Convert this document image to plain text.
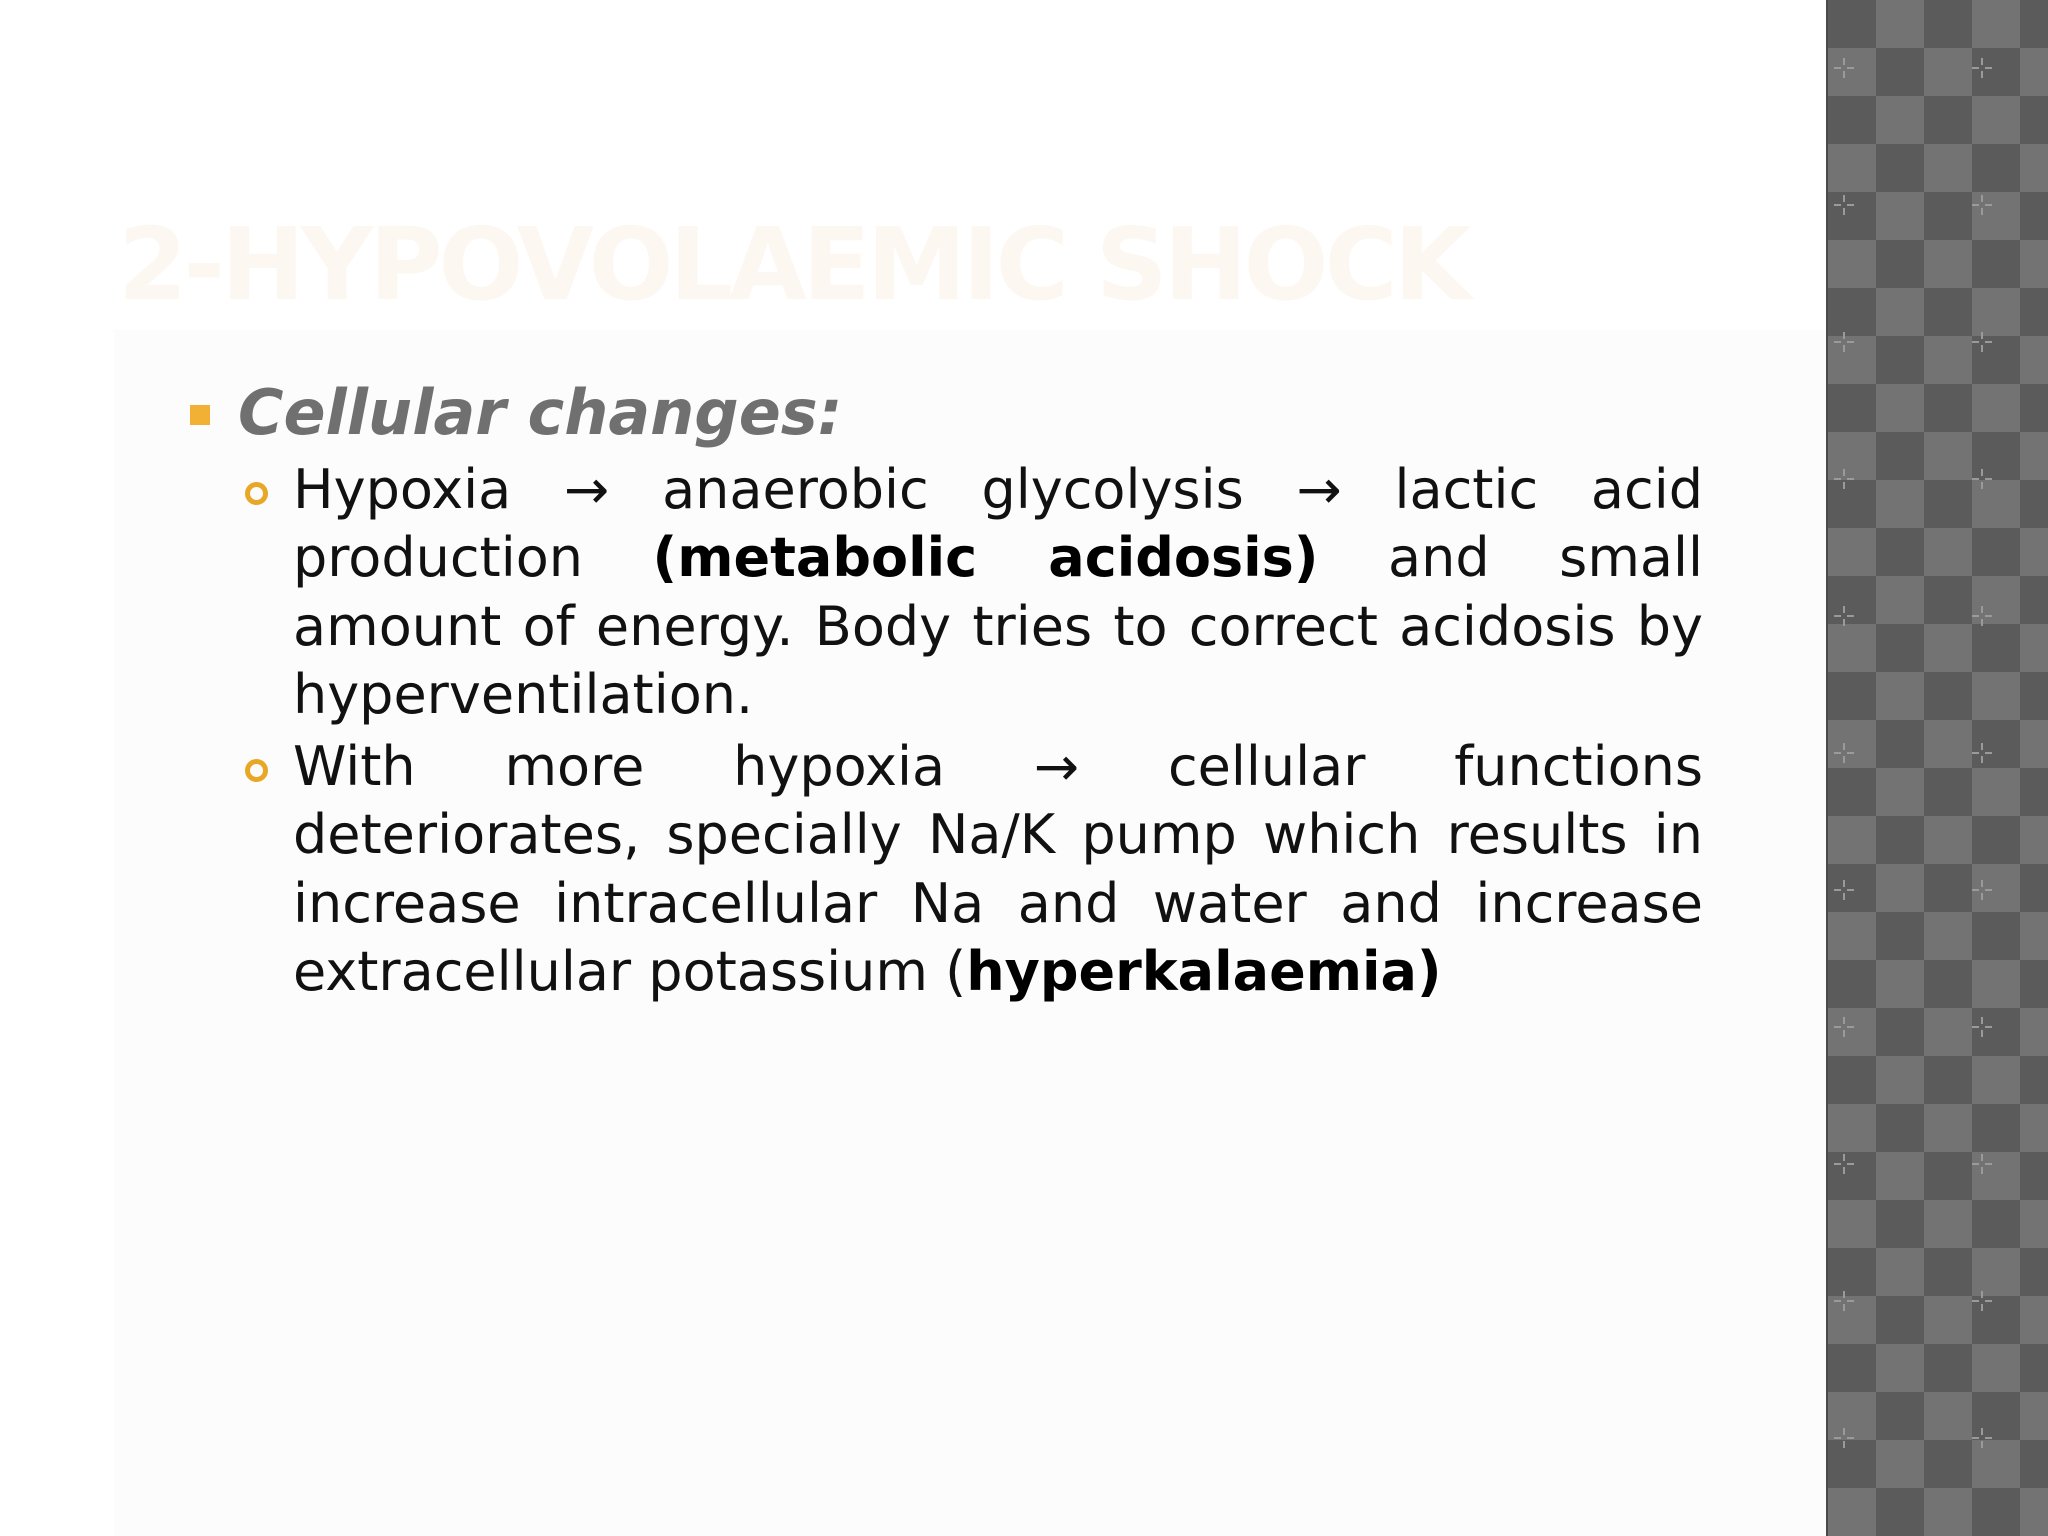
2-HYPOVOLAEMIC SHOCK
Cellular changes:
Hypoxia → anaerobic glycolysis → lactic acid production (metabolic acidosis) and small amount of energy. Body tries to correct acidosis by hyperventilation.
With more hypoxia → cellular functions deteriorates, specially Na/K pump which results in increase intracellular Na and water and increase extracellular potassium (hyperkalaemia)
